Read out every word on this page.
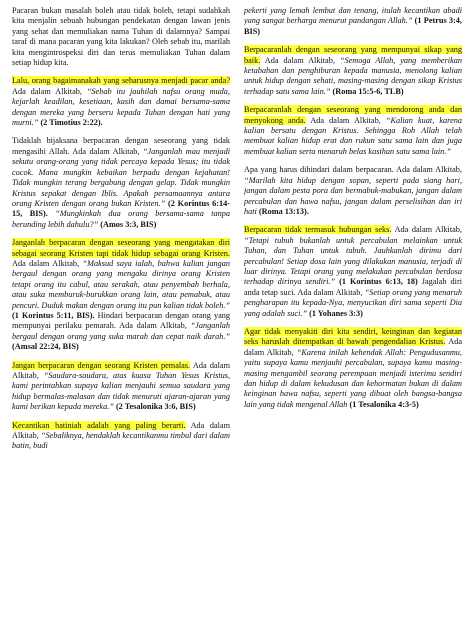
Pacaran bukan masalah boleh atau tidak boleh, tetapi sudahkah kita menjalin sebuah hubungan pendekatan dengan lawan jenis yang sehat dan memuliakan nama Tuhan di dalamnya? Sampai taraf di mana pacaran yang kita lakukan? Oleh sebab itu, marilah kita mengintrospeksi diri dan terus memuliakan Tuhan dalam setiap hidup kita.

Lalu, orang bagaimanakah yang seharusnya menjadi pacar anda? Ada dalam Alkitab, “Sebab itu jauhilah nafsu orang muda, kejarlah keadilan, kesetiaan, kasih dan damai bersama-sama dengan mereka yang berseru kepada Tuhan dengan hati yang murni.” (2 Timotius 2:22).

Tidaklah bijaksana berpacaran dengan seseorang yang tidak mengasihi Allah. Ada dalam Alkitab, “Janganlah mau menjadi sekutu orang-orang yang tidak percaya kepada Yesus; itu tidak cocok. Mana mungkin kebaikan berpadu dengan kejahatan! Tidak mungkin terang bergabung dengan gelap. Tidak mungkin Kristus sepakat dengan Iblis. Apakah persamaannya antara orang Kristen dengan orang bukan Kristen.” (2 Korintus 6:14-15, BIS). “Mungkinkah dua orang bersama-sama tanpa berunding lebih dahulu?” (Amos 3:3, BIS)

Janganlah berpacaran dengan seseorang yang mengatakan diri sebagai seorang Kristen tapi tidak hidup sebagai orang Kristen. Ada dalam Alkitab, “Maksud saya ialah, bahwa kalian jangan bergaul dengan orang yang mengaku dirinya orang Kristen tetapi orang itu cabul, atau serakah, atau penyembah berhala, atau suka memburuk-burukkan orang lain, atau pemabuk, atau pencuri. Duduk makan dengan orang itu pun kalian tidak boleh.” (1 Korintus 5:11, BIS). Hindari berpacaran dengan orang yang mempunyai perilaku pemarah. Ada dalam Alkitab, “Janganlah bergaul dengan orang yang suka marah dan cepat naik darah.” (Amsal 22:24, BIS)

Jangan berpacaran dengan seorang Kristen pemalas. Ada dalam Alkitab, “Saudara-saudara, atas kuasa Tuhan Yesus Kristus, kami perintahkan supaya kalian menjauhi semua saudara yang hidup bermalas-malasan dan tidak menuruti ajaran-ajaran yang kami berikan kepada mereka.” (2 Tesalonika 3:6, BIS)

Kecantikan batiniah adalah yang paling berarti. Ada dalam Alkitab, “Sebaliknya, hendaklah kecantikanmu timbul dari dalam batin, budi

pekerti yang lemah lembut dan tenang, itulah kecantikan abadi yang sangat berharga menurut pandangan Allah.” (1 Petrus 3:4, BIS)

Berpacaranlah dengan seseorang yang mempunyai sikap yang baik. Ada dalam Alkitab, “Semoga Allah, yang memberikan ketabahan dan penghiburan kepada manusia, menolong kalian untuk hidup dengan sehati, masing-masing dengan sikap Kristus terhadap satu sama lain.” (Roma 15:5-6, TLB)

Berpacaranlah dengan seseorang yang mendorong anda dan menyokong anda. Ada dalam Alkitab, “Kalian kuat, karena kalian bersatu dengan Kristus. Sehingga Roh Allah telah membuat kalian hidup erat dan rukun satu sama lain dan juga membuat kalian serta menaruh belas kasihan satu sama lain.”

Apa yang harus dihindari dalam berpacaran. Ada dalam Alkitab, “Marilah kita hidup dengan sopan, seperti pada siang hari, jangan dalam pesta pora dan bermabuk-mabukan, jangan dalam percabulan dan hawa nafsu, jangan dalam perselisihan dan iri hati (Roma 13:13).

Berpacaran tidak termasuk hubungan seks. Ada dalam Alkitab, “Tetapi tubuh bukanlah untuk percabulan melainkan untuk Tuhan, dan Tuhan untuk tubuh. Jauhkanlah dirimu dari percabulan! Setiap dosa lain yang dilakukan manusia, terjadi di luar dirinya. Tetapi orang yang melakukan percabulan berdosa terhadap dirinya sendiri.” (1 Korintus 6:13, 18) Jagalah diri anda tetap suci. Ada dalam Alkitab, “Setiap orang yang menaruh pengharapan itu kepada-Nya, menyucikan diri sama seperti Dia yang adalah suci.” (1 Yohanes 3:3)

Agar tidak menyakiti diri kita sendiri, keinginan dan kegiatan seks haruslah ditempatkan di bawah pengendalian Kristus. Ada dalam Alkitab, “Karena inilah kehendak Allah: Pengudusanmu, yaitu supaya kamu menjauhi percabulan, supaya kamu masing-masing mengambil seorang perempuan menjadi isterimu sendiri dan hidup di dalam kekudusan dan kehormatan bukan di dalam keinginan hawa nafsu, seperti yang dibuat oleh bangsa-bangsa lain yang tidak mengenal Allah (1 Tesalonika 4:3-5)
